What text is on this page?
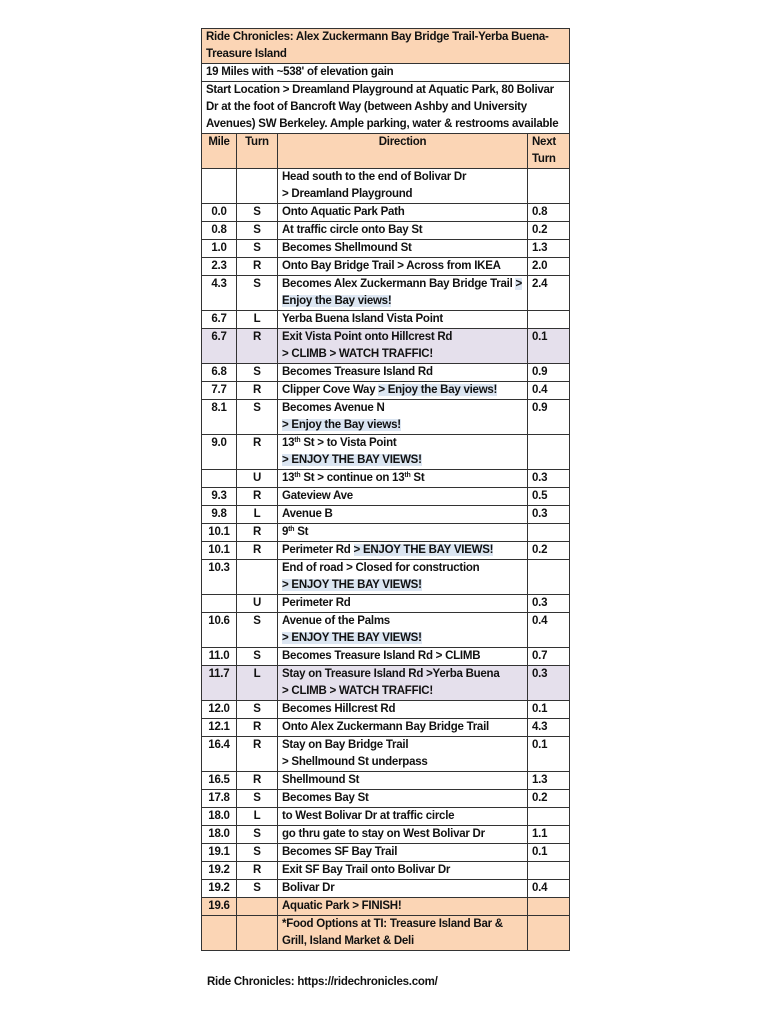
Ride Chronicles: Alex Zuckermann Bay Bridge Trail-Yerba Buena-Treasure Island			
19 Miles with ~538' of elevation gain			
Start Location > Dreamland Playground at Aquatic Park, 80 Bolivar Dr at the foot of Bancroft Way (between Ashby and University Avenues) SW Berkeley. Ample parking, water & restrooms available			
Mile	Turn	Direction	Next Turn
		Head south to the end of Bolivar Dr
> Dreamland Playground	
0.0	S	Onto Aquatic Park Path	0.8
0.8	S	At traffic circle onto Bay St	0.2
1.0	S	Becomes Shellmound St	1.3
2.3	R	Onto Bay Bridge Trail > Across from IKEA	2.0
4.3	S	Becomes Alex Zuckermann Bay Bridge Trail > Enjoy the Bay views!	2.4
6.7	L	Yerba Buena Island Vista Point	
6.7	R	Exit Vista Point onto Hillcrest Rd
> CLIMB > WATCH TRAFFIC!	0.1
6.8	S	Becomes Treasure Island Rd	0.9
7.7	R	Clipper Cove Way > Enjoy the Bay views!	0.4
8.1	S	Becomes Avenue N
> Enjoy the Bay views!	0.9
9.0	R	13th St > to Vista Point
> ENJOY THE BAY VIEWS!	
	U	13th St > continue on 13th St	0.3
9.3	R	Gateview Ave	0.5
9.8	L	Avenue B	0.3
10.1	R	9th St	
10.1	R	Perimeter Rd > ENJOY THE BAY VIEWS!	0.2
10.3		End of road > Closed for construction
> ENJOY THE BAY VIEWS!	
	U	Perimeter Rd	0.3
10.6	S	Avenue of the Palms
> ENJOY THE BAY VIEWS!	0.4
11.0	S	Becomes Treasure Island Rd > CLIMB	0.7
11.7	L	Stay on Treasure Island Rd >Yerba Buena
> CLIMB > WATCH TRAFFIC!	0.3
12.0	S	Becomes Hillcrest Rd	0.1
12.1	R	Onto Alex Zuckermann Bay Bridge Trail	4.3
16.4	R	Stay on Bay Bridge Trail
> Shellmound St underpass	0.1
16.5	R	Shellmound St	1.3
17.8	S	Becomes Bay St	0.2
18.0	L	to West Bolivar Dr at traffic circle	
18.0	S	go thru gate to stay on West Bolivar Dr	1.1
19.1	S	Becomes SF Bay Trail	0.1
19.2	R	Exit SF Bay Trail onto Bolivar Dr	
19.2	S	Bolivar Dr	0.4
19.6		Aquatic Park > FINISH!	
		*Food Options at TI: Treasure Island Bar & Grill, Island Market & Deli	
Ride Chronicles: https://ridechronicles.com/
